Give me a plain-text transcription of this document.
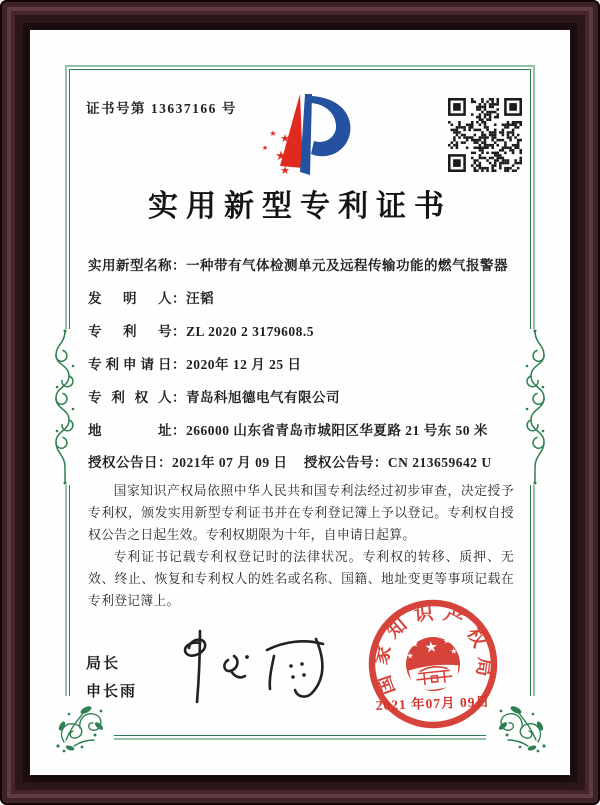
证书号第 13637166 号
★ ★
★
★
★
实用新型专利证书
实用新型名称：一种带有气体检测单元及远程传输功能的燃气报警器
发明人：汪韬
专利号：ZL 2020 2 3179608.5
专利申请日：2020年 12 月 25 日
专利权人：青岛科旭德电气有限公司
地址：266000 山东省青岛市城阳区华夏路 21 号东 50 米
授权公告日：2021年 07 月 09 日 授权公告号：CN 213659642 U

国家知识产权局依照中华人民共和国专利法经过初步审查，决定授予专利权，颁发实用新型专利证书并在专利登记簿上予以登记。专利权自授权公告之日起生效。专利权期限为十年，自申请日起算。

专利证书记载专利权登记时的法律状况。专利权的转移、质押、无效、终止、恢复和专利权人的姓名或名称、国籍、地址变更等事项记载在专利登记簿上。

局长
申长雨	国家知识产权局
★
★	★
★	★
2021 年07月 09日
